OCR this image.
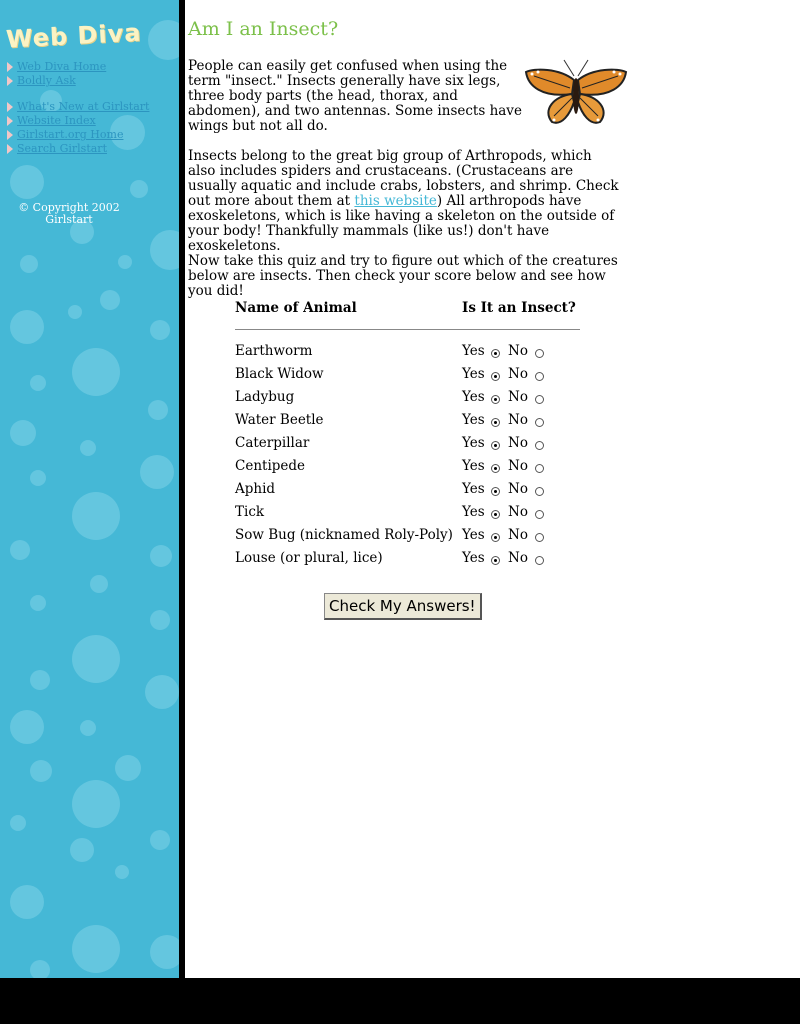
Web Diva
Web Diva Home
Boldly Ask
What's New at Girlstart
Website Index
Girlstart.org Home
Search Girlstart
© Copyright 2002
Girlstart
Am I an Insect?

People can easily get confused when using the term "insect." Insects generally have six legs, three body parts (the head, thorax, and abdomen), and two antennas. Some insects have wings but not all do.

Insects belong to the great big group of Arthropods, which also includes spiders and crustaceans. (Crustaceans are usually aquatic and include crabs, lobsters, and shrimp. Check out more about them at this website) All arthropods have exoskeletons, which is like having a skeleton on the outside of your body! Thankfully mammals (like us!) don't have exoskeletons.

Now take this quiz and try to figure out which of the creatures below are insects. Then check your score below and see how you did!

Name of Animal	Is It an Insect?
Earthworm	Yes No
Black Widow	Yes No
Ladybug	Yes No
Water Beetle	Yes No
Caterpillar	Yes No
Centipede	Yes No
Aphid	Yes No
Tick	Yes No
Sow Bug (nicknamed Roly-Poly) Yes No
Louse (or plural, lice)	Yes No
Check My Answers!
